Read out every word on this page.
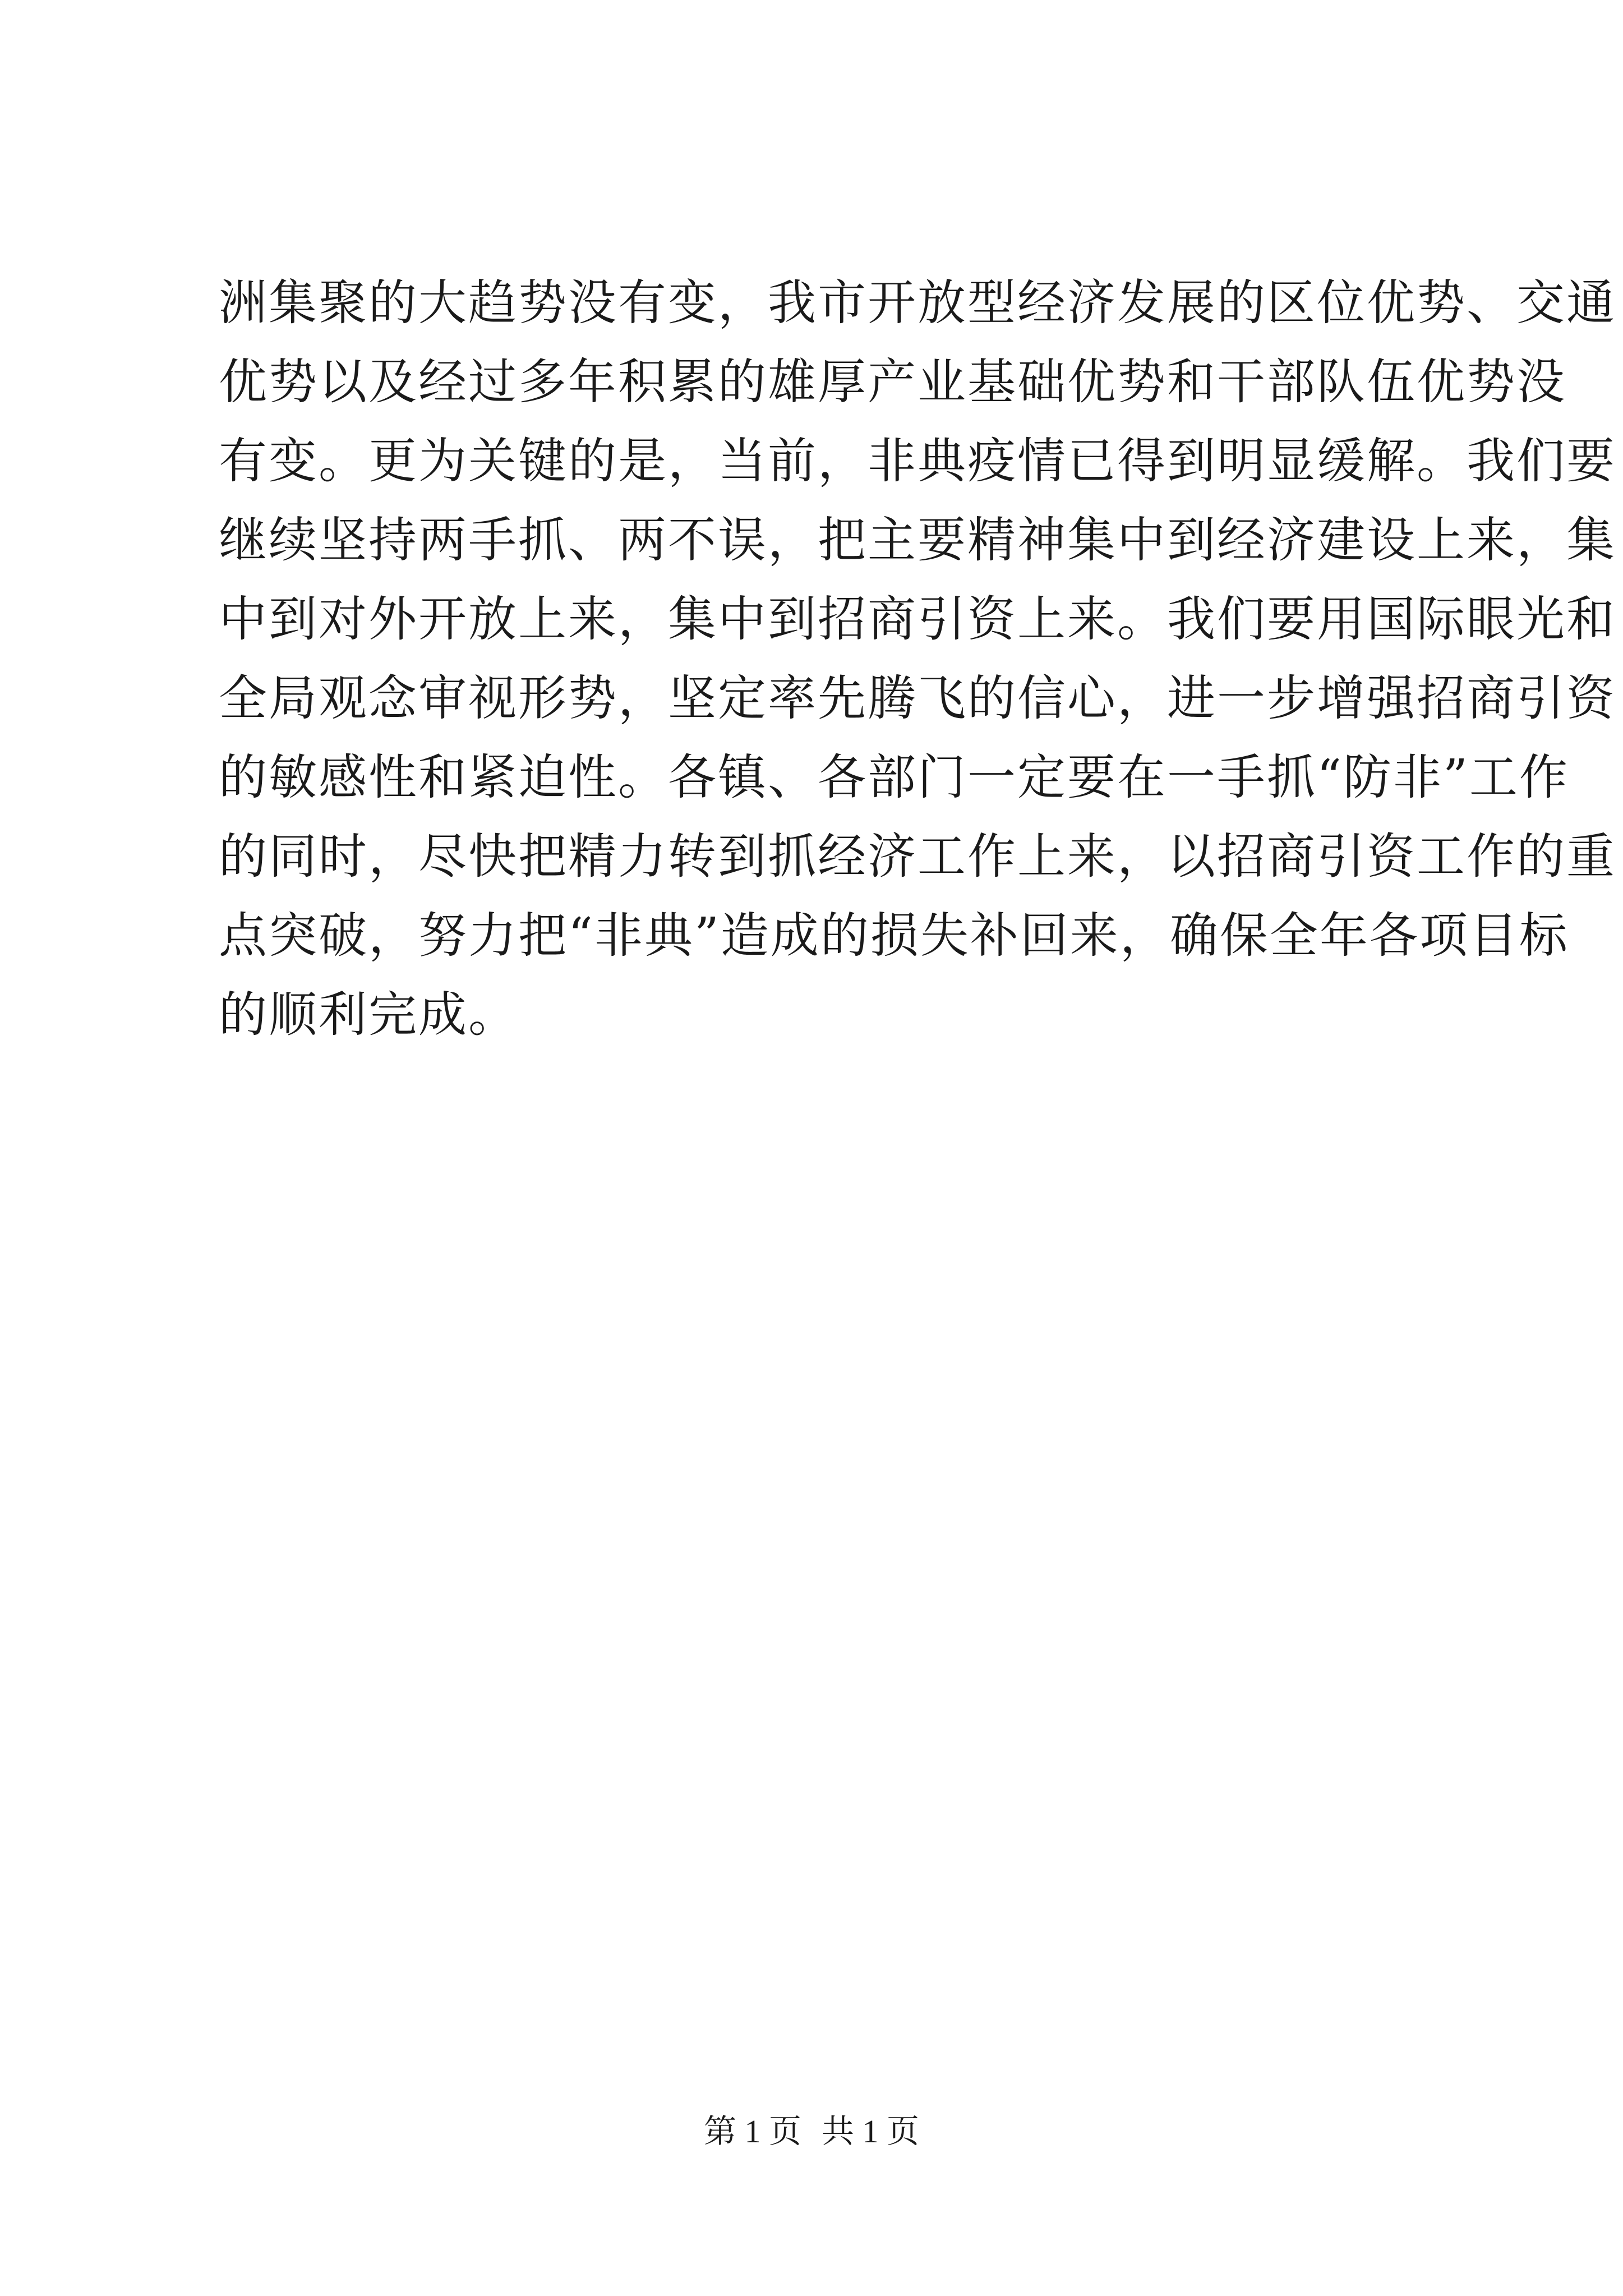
洲集聚的大趋势没有变，我市开放型经济发展的区位优势、交通
优势以及经过多年积累的雄厚产业基础优势和干部队伍优势没
有变。更为关键的是，当前，非典疫情已得到明显缓解。我们要
继续坚持两手抓、两不误，把主要精神集中到经济建设上来，集
中到对外开放上来，集中到招商引资上来。我们要用国际眼光和
全局观念审视形势，坚定率先腾飞的信心，进一步增强招商引资
的敏感性和紧迫性。各镇、各部门一定要在一手抓“防非”工作
的同时，尽快把精力转到抓经济工作上来，以招商引资工作的重
点突破，努力把“非典”造成的损失补回来，确保全年各项目标
的顺利完成。
第 1 页 共 1 页
